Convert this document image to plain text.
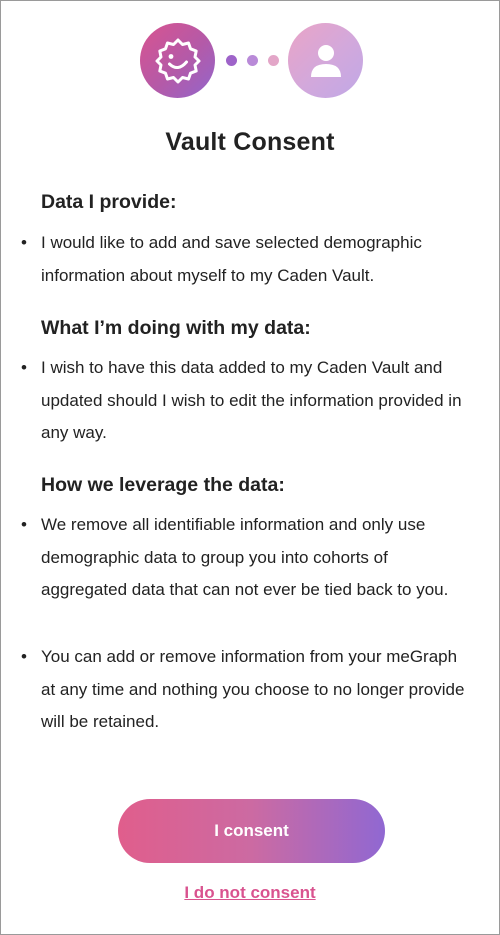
Vault Consent
Data I provide:
• I would like to add and save selected demographic information about myself to my Caden Vault.
What I’m doing with my data:
• I wish to have this data added to my Caden Vault and updated should I wish to edit the information provided in any way.
How we leverage the data:
• We remove all identifiable information and only use demographic data to group you into cohorts of aggregated data that can not ever be tied back to you.
• You can add or remove information from your meGraph at any time and nothing you choose to no longer provide will be retained.
I consent
I do not consent
